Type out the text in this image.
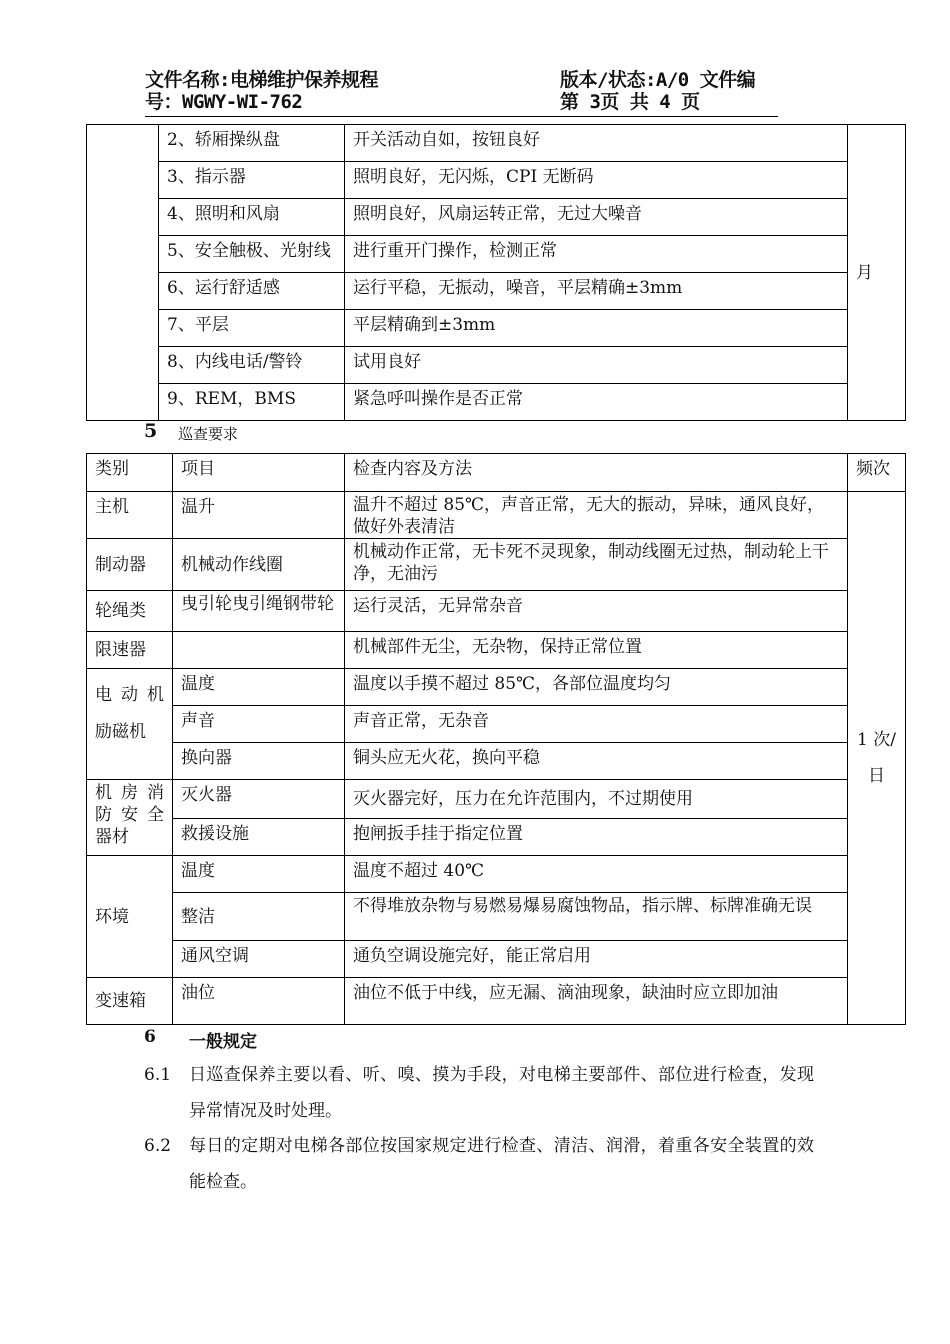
文件名称:电梯维护保养规程	版本/状态:A/0 文件编
号：WGWY-WI-762	第 3页 共 4 页
	2、轿厢操纵盘	开关活动自如，按钮良好	月
	3、指示器	照明良好，无闪烁，CPI 无断码	
	4、照明和风扇	照明良好，风扇运转正常，无过大噪音	
	5、安全触极、光射线	进行重开门操作，检测正常	
	6、运行舒适感	运行平稳，无振动，噪音，平层精确±3mm	
	7、平层	平层精确到±3mm	
	8、内线电话/警铃	试用良好	
	9、REM，BMS	紧急呼叫操作是否正常	
5 巡查要求
类别	项目	检查内容及方法	频次
主机	温升	温升不超过 85℃，声音正常，无大的振动，异味，通风良好，做好外表清洁	1 次/
日

制动器	机械动作线圈	机械动作正常，无卡死不灵现象，制动线圈无过热，制动轮上干净，无油污	
轮绳类	曳引轮曳引绳钢带轮	运行灵活，无异常杂音	
限速器		机械部件无尘，无杂物，保持正常位置	
电 动 机 励磁机	温度	温度以手摸不超过 85℃，各部位温度均匀	
	声音	声音正常，无杂音	
	换向器	铜头应无火花，换向平稳	
机 房 消 防 安 全 器材	灭火器	灭火器完好，压力在允许范围内，不过期使用	
	救援设施	抱闸扳手挂于指定位置	
环境	温度	温度不超过 40℃	
	整洁	不得堆放杂物与易燃易爆易腐蚀物品，指示牌、标牌准确无误	
	通风空调	通负空调设施完好，能正常启用	
变速箱	油位	油位不低于中线，应无漏、滴油现象，缺油时应立即加油	
6 一般规定
6.1 日巡查保养主要以看、听、嗅、摸为手段，对电梯主要部件、部位进行检查，发现异常情况及时处理。
6.2 每日的定期对电梯各部位按国家规定进行检查、清洁、润滑，着重各安全装置的效能检查。
